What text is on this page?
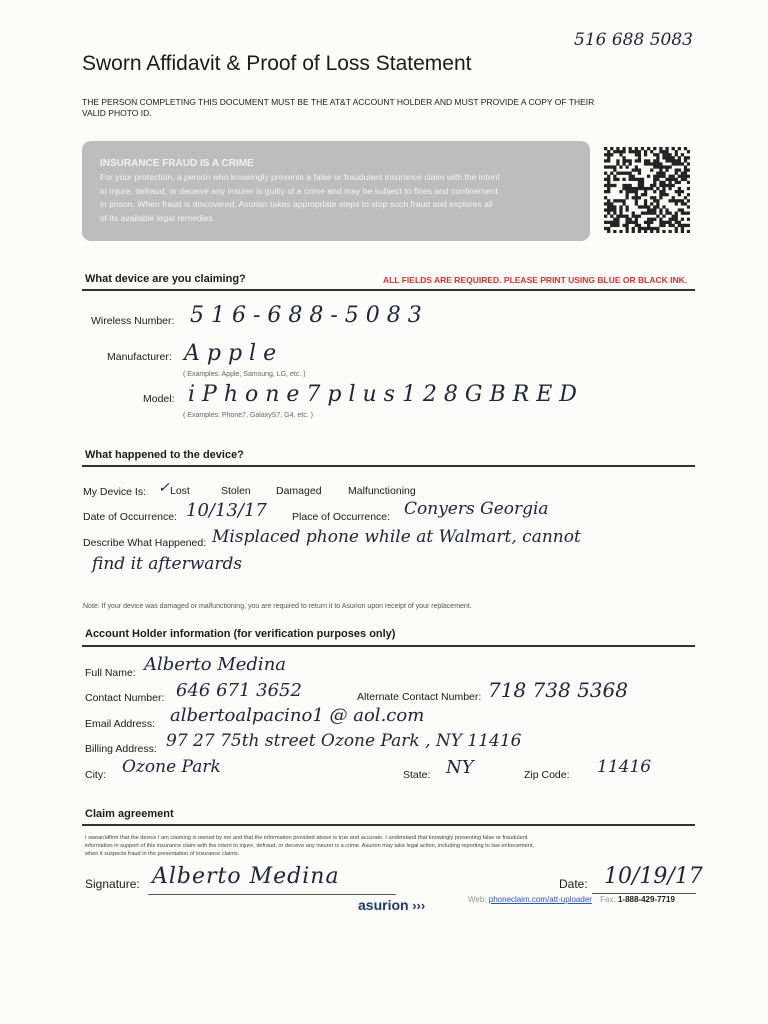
516 688 5083
Sworn Affidavit & Proof of Loss Statement
THE PERSON COMPLETING THIS DOCUMENT MUST BE THE AT&T ACCOUNT HOLDER AND MUST PROVIDE A COPY OF THEIR
VALID PHOTO ID.
INSURANCE FRAUD IS A CRIME
For your protection, a person who knowingly presents a false or fraudulent insurance claim with the intent
to injure, defraud, or deceive any insurer is guilty of a crime and may be subject to fines and confinement
in prison. When fraud is discovered, Asurion takes appropriate steps to stop such fraud and explores all
of its available legal remedies.
What device are you claiming?	ALL FIELDS ARE REQUIRED. PLEASE PRINT USING BLUE OR BLACK INK.
Wireless Number: 5 1 6 - 6 8 8 - 5 0 8 3
Manufacturer: A p p l e
( Examples: Apple, Samsung, LG, etc. )
Model: i P h o n e 7 p l u s 1 2 8 G B R E D
( Examples: Phone7, GalaxyS7, G4, etc. )
What happened to the device?
My Device Is: ✓ Lost	Stolen Damaged	Malfunctioning
Date of Occurrence: 10/13/17 Place of Occurrence: Conyers Georgia
Describe What Happened: Misplaced phone while at Walmart, cannot
find it afterwards
Note: If your device was damaged or malfunctioning, you are required to return it to Asurion upon receipt of your replacement.
Account Holder information (for verification purposes only)
Full Name: Alberto Medina
Contact Number: 646 671 3652	Alternate Contact Number: 718 738 5368
Email Address: albertoalpacino1 @ aol.com
Billing Address: 97 27 75th street Ozone Park , NY 11416
City: Ozone Park	State: NY	Zip Code: 11416
Claim agreement
I swear/affirm that the device I am claiming is owned by me and that the information provided above is true and accurate. I understand that knowingly presenting false or fraudulent
information in support of this insurance claim with the intent to injure, defraud, or deceive any insurer is a crime. Asurion may take legal action, including reporting to law enforcement,
when it suspects fraud in the presentation of insurance claims.
Signature: Alberto Medina	Date: 10/19/17
asurion ›››	Web: phoneclaim.com/att-uploader Fax: 1-888-429-7719
